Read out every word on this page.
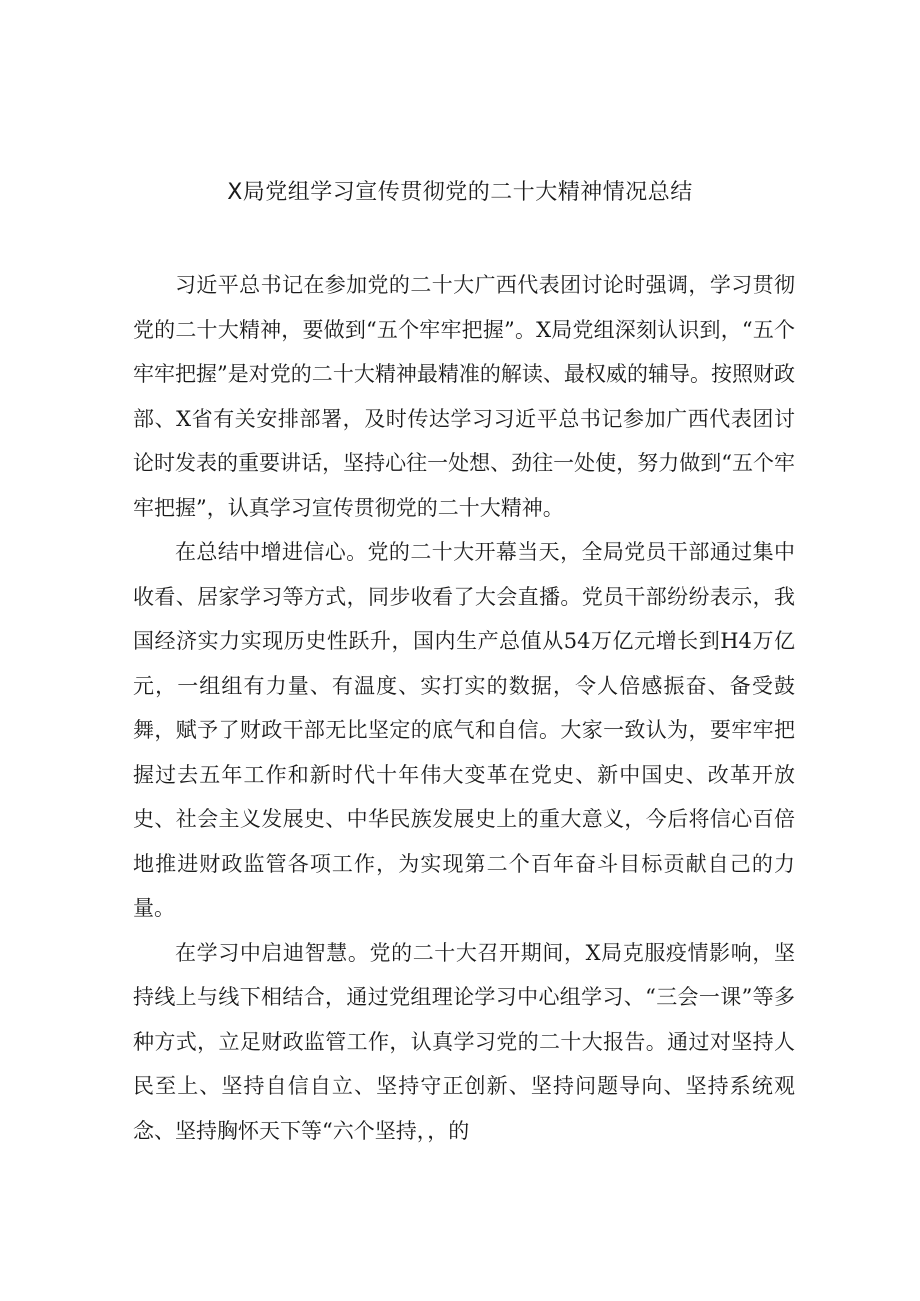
X局党组学习宣传贯彻党的二十大精神情况总结

习近平总书记在参加党的二十大广西代表团讨论时强调，学习贯彻党的二十大精神，要做到“五个牢牢把握”。X局党组深刻认识到，“五个牢牢把握”是对党的二十大精神最精准的解读、最权威的辅导。按照财政部、X省有关安排部署，及时传达学习习近平总书记参加广西代表团讨论时发表的重要讲话，坚持心往一处想、劲往一处使，努力做到“五个牢牢把握”，认真学习宣传贯彻党的二十大精神。

在总结中增进信心。党的二十大开幕当天，全局党员干部通过集中收看、居家学习等方式，同步收看了大会直播。党员干部纷纷表示，我国经济实力实现历史性跃升，国内生产总值从54万亿元增长到H4万亿元，一组组有力量、有温度、实打实的数据，令人倍感振奋、备受鼓舞，赋予了财政干部无比坚定的底气和自信。大家一致认为，要牢牢把握过去五年工作和新时代十年伟大变革在党史、新中国史、改革开放史、社会主义发展史、中华民族发展史上的重大意义，今后将信心百倍地推进财政监管各项工作，为实现第二个百年奋斗目标贡献自己的力量。

在学习中启迪智慧。党的二十大召开期间，X局克服疫情影响，坚持线上与线下相结合，通过党组理论学习中心组学习、“三会一课”等多种方式，立足财政监管工作，认真学习党的二十大报告。通过对坚持人民至上、坚持自信自立、坚持守正创新、坚持问题导向、坚持系统观念、坚持胸怀天下等“六个坚持，，的
